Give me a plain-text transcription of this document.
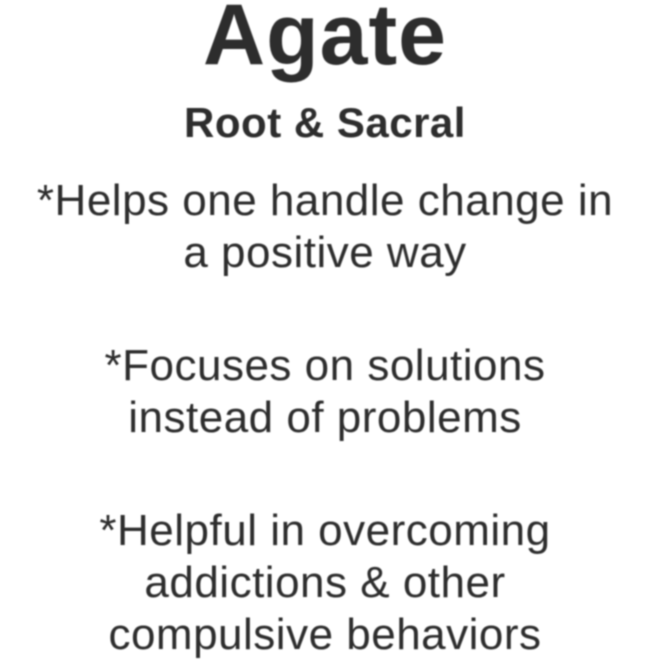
Agate
Root & Sacral

*Helps one handle change in
a positive way

*Focuses on solutions
instead of problems

*Helpful in overcoming
addictions & other
compulsive behaviors
